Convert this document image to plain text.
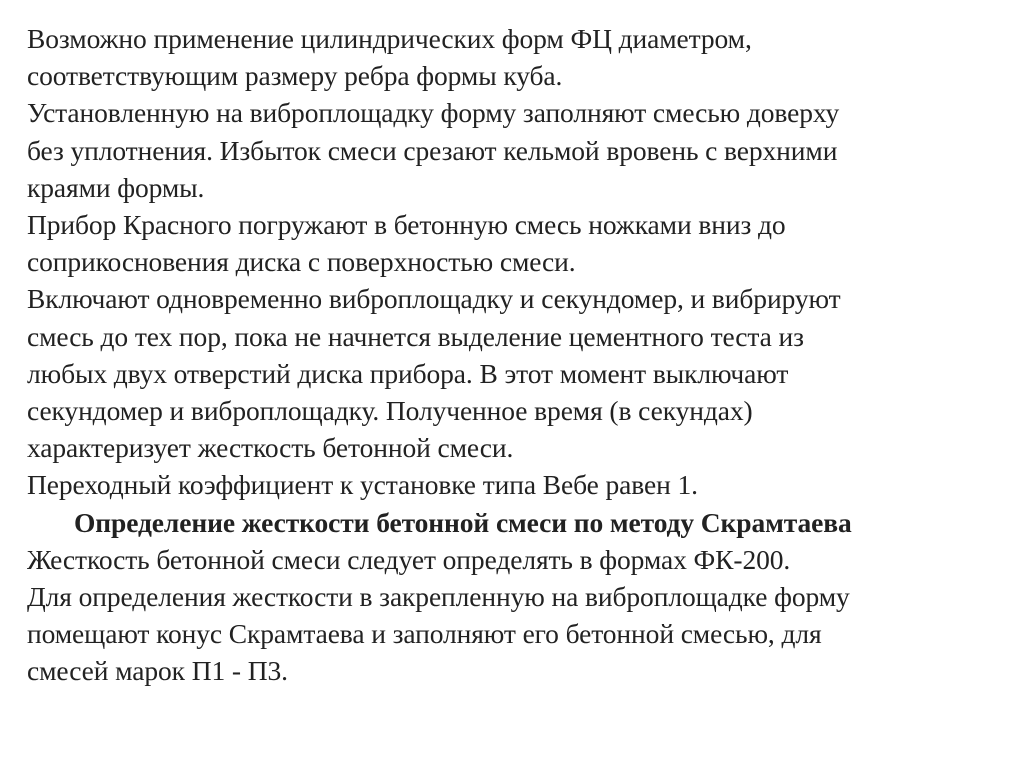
Возможно применение цилиндрических форм ФЦ диаметром,
соответствующим размеру ребра формы куба.
Установленную на виброплощадку форму заполняют смесью доверху
без уплотнения. Избыток смеси срезают кельмой вровень с верхними
краями формы.
Прибор Красного погружают в бетонную смесь ножками вниз до
соприкосновения диска с поверхностью смеси.
Включают одновременно виброплощадку и секундомер, и вибрируют
смесь до тех пор, пока не начнется выделение цементного теста из
любых двух отверстий диска прибора. В этот момент выключают
секундомер и виброплощадку. Полученное время (в секундах)
характеризует жесткость бетонной смеси.
Переходный коэффициент к установке типа Вебе равен 1.
Определение жесткости бетонной смеси по методу Скрамтаева
Жесткость бетонной смеси следует определять в формах ФК-200.
Для определения жесткости в закрепленную на виброплощадке форму
помещают конус Скрамтаева и заполняют его бетонной смесью, для
смесей марок П1 - П3.
